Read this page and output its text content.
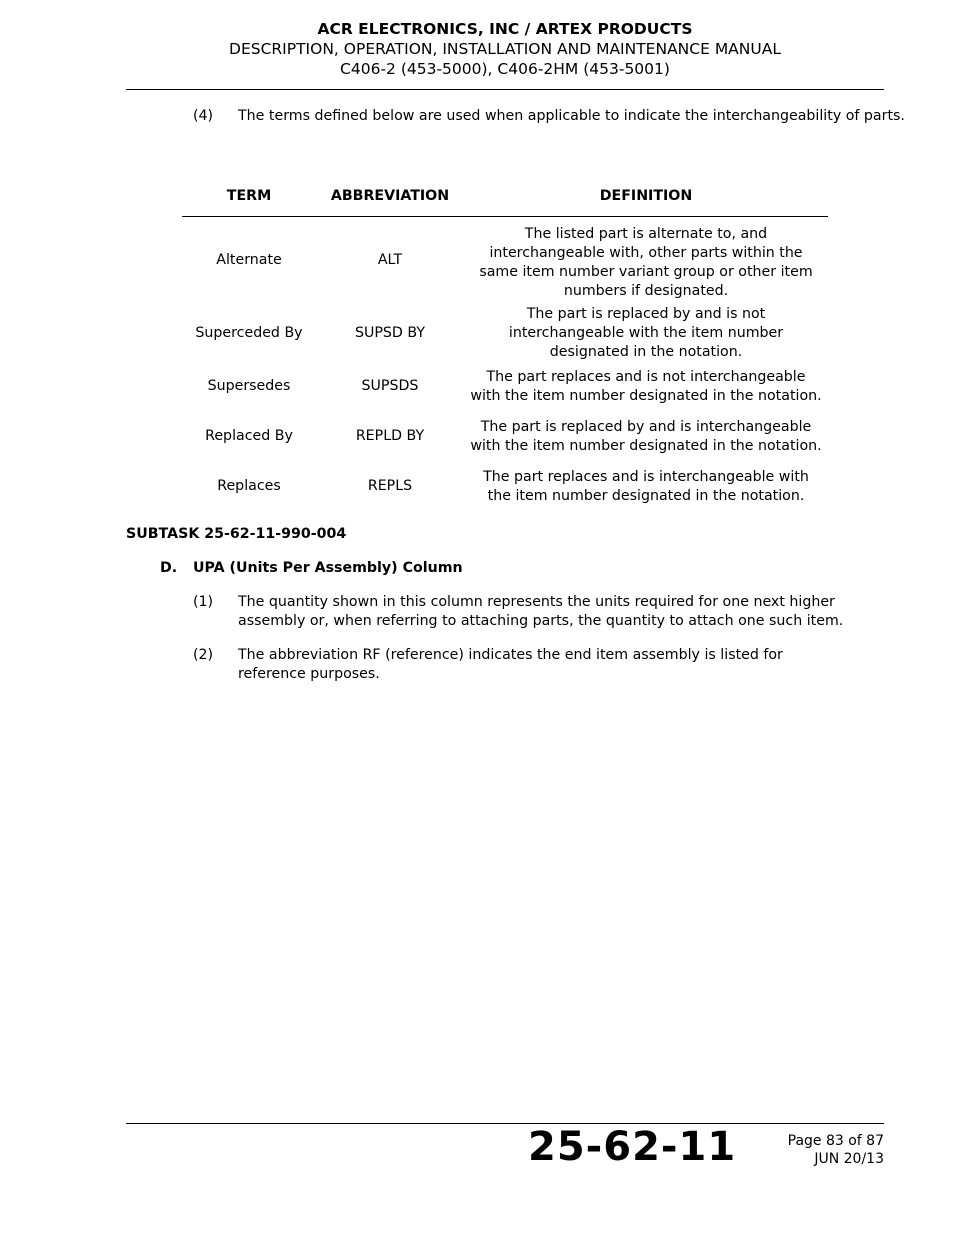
ACR ELECTRONICS, INC / ARTEX PRODUCTS
DESCRIPTION, OPERATION, INSTALLATION AND MAINTENANCE MANUAL
C406-2 (453-5000), C406-2HM (453-5001)
(4) The terms defined below are used when applicable to indicate the interchangeability of parts.
TERM	ABBREVIATION	DEFINITION
Alternate	ALT	The listed part is alternate to, and interchangeable with, other parts within the same item number variant group or other item numbers if designated.
Superceded By	SUPSD BY	The part is replaced by and is not interchangeable with the item number designated in the notation.
Supersedes	SUPSDS	The part replaces and is not interchangeable with the item number designated in the notation.
Replaced By	REPLD BY	The part is replaced by and is interchangeable with the item number designated in the notation.
Replaces	REPLS	The part replaces and is interchangeable with the item number designated in the notation.
SUBTASK 25-62-11-990-004
D. UPA (Units Per Assembly) Column
(1) The quantity shown in this column represents the units required for one next higher assembly or, when referring to attaching parts, the quantity to attach one such item.
(2) The abbreviation RF (reference) indicates the end item assembly is listed for reference purposes.
25-62-11	Page 83 of 87
JUN 20/13
